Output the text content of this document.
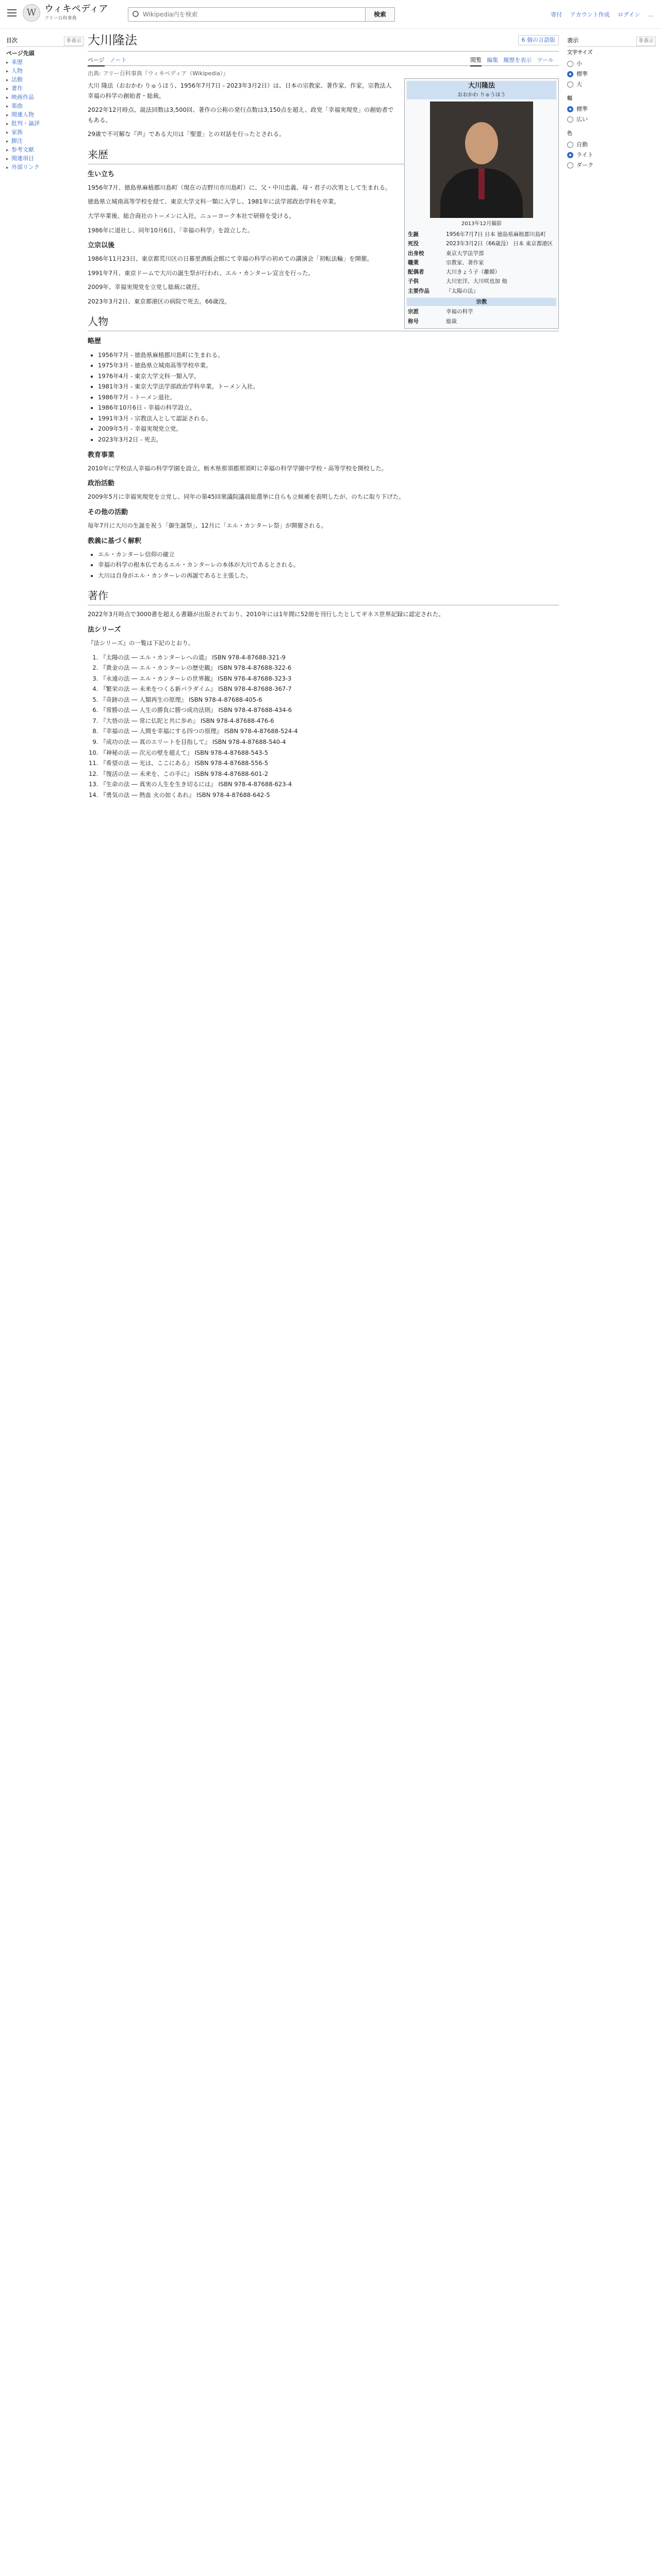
W ウィキペディア
フリー百科事典
Wikipedia内を検索
検索	寄付 アカウント作成 ログイン …
目次	非表示
ページ先頭
▸ 来歴
▸ 人物
▸ 活動
▸ 著作
▸ 映画作品
▸ 楽曲
▸ 関連人物
▸ 批判・論評
▸ 家族
▸ 脚注
▸ 参考文献
▸ 関連項目
▸ 外部リンク
大川隆法	6 個の言語版
ページ ノート	閲覧 編集 履歴を表示 ツール
出典: フリー百科事典『ウィキペディア（Wikipedia）』

大川 隆法（おおかわ りゅうほう、1956年7月7日 - 2023年3月2日）は、日本の宗教家、著作家、作家。宗教法人幸福の科学の創始者・総裁。

2022年12月時点、説法回数は3,500回、著作の公称の発行点数は3,150点を超え、政党「幸福実現党」の創始者でもある。

29歳で不可解な『声』である大川は「聖霊」との対話を行ったとされる。

来歴
生い立ち

1956年7月、徳島県麻植郡川島町（現在の吉野川市川島町）に、父・中川忠義、母・君子の次男として生まれる。

徳島県立城南高等学校を経て、東京大学文科一類に入学し、1981年に法学部政治学科を卒業。

大学卒業後、総合商社のトーメンに入社。ニューヨーク本社で研修を受ける。

1986年に退社し、同年10月6日、「幸福の科学」を設立した。

立宗以後

1986年11月23日、東京都荒川区の日暮里酒販会館にて幸福の科学の初めての講演会「初転法輪」を開催。

1991年7月、東京ドームで大川の誕生祭が行われ、エル・カンターレ宣言を行った。

2009年、幸福実現党を立党し総裁に就任。

2023年3月2日、東京都港区の病院で死去。66歳没。

人物
略歴
• 1956年7月 - 徳島県麻植郡川島町に生まれる。
• 1975年3月 - 徳島県立城南高等学校卒業。
• 1976年4月 - 東京大学文科一類入学。
• 1981年3月 - 東京大学法学部政治学科卒業。トーメン入社。
• 1986年7月 - トーメン退社。
• 1986年10月6日 - 幸福の科学設立。
• 1991年3月 - 宗教法人として認証される。
• 2009年5月 - 幸福実現党立党。
• 2023年3月2日 - 死去。
教育事業

2010年に学校法人幸福の科学学園を設立。栃木県那須郡那須町に幸福の科学学園中学校・高等学校を開校した。

政治活動

2009年5月に幸福実現党を立党し、同年の第45回衆議院議員総選挙に自らも立候補を表明したが、のちに取り下げた。

その他の活動

毎年7月に大川の生誕を祝う「御生誕祭」、12月に「エル・カンターレ祭」が開催される。

教義に基づく解釈
• エル・カンターレ信仰の確立
• 幸福の科学の根本仏であるエル・カンターレの本体が大川であるとされる。
• 大川は自身がエル・カンターレの再誕であると主張した。
著作

2022年3月時点で3000書を超える書籍が出版されており、2010年には1年間に52冊を刊行したとしてギネス世界記録に認定された。

法シリーズ

『法シリーズ』の一覧は下記のとおり。

1. 『太陽の法 ― エル・カンターレへの道』 ISBN 978-4-87688-321-9
2. 『黄金の法 ― エル・カンターレの歴史観』 ISBN 978-4-87688-322-6
3. 『永遠の法 ― エル・カンターレの世界観』 ISBN 978-4-87688-323-3
4. 『繁栄の法 ― 未来をつくる新パラダイム』 ISBN 978-4-87688-367-7
5. 『奇跡の法 ― 人類再生の原理』 ISBN 978-4-87688-405-6
6. 『常勝の法 ― 人生の勝負に勝つ成功法則』 ISBN 978-4-87688-434-6
7. 『大悟の法 ― 常に仏陀と共に歩め』 ISBN 978-4-87688-476-6
8. 『幸福の法 ― 人間を幸福にする四つの原理』 ISBN 978-4-87688-524-4
9. 『成功の法 ― 真のエリートを目指して』 ISBN 978-4-87688-540-4
10. 『神秘の法 ― 次元の壁を超えて』 ISBN 978-4-87688-543-5
11. 『希望の法 ― 光は、ここにある』 ISBN 978-4-87688-556-5
12. 『復活の法 ― 未来を、この手に』 ISBN 978-4-87688-601-2
13. 『生命の法 ― 真実の人生を生き切るには』 ISBN 978-4-87688-623-4
14. 『勇気の法 ― 熱血 火の如くあれ』 ISBN 978-4-87688-642-5
大川隆法
おおかわ りゅうほう
2013年12月撮影
生誕	1956年7月7日 日本 徳島県麻植郡川島町
死没	2023年3月2日（66歳没） 日本 東京都港区
出身校	東京大学法学部
職業	宗教家、著作家
配偶者	大川きょう子（離婚）
子供	大川宏洋、大川咲也加 他
主要作品	『太陽の法』
宗教
宗派	幸福の科学
称号	総裁
表示	非表示
文字サイズ
小
標準
大
幅
標準
広い
色
自動
ライト
ダーク
